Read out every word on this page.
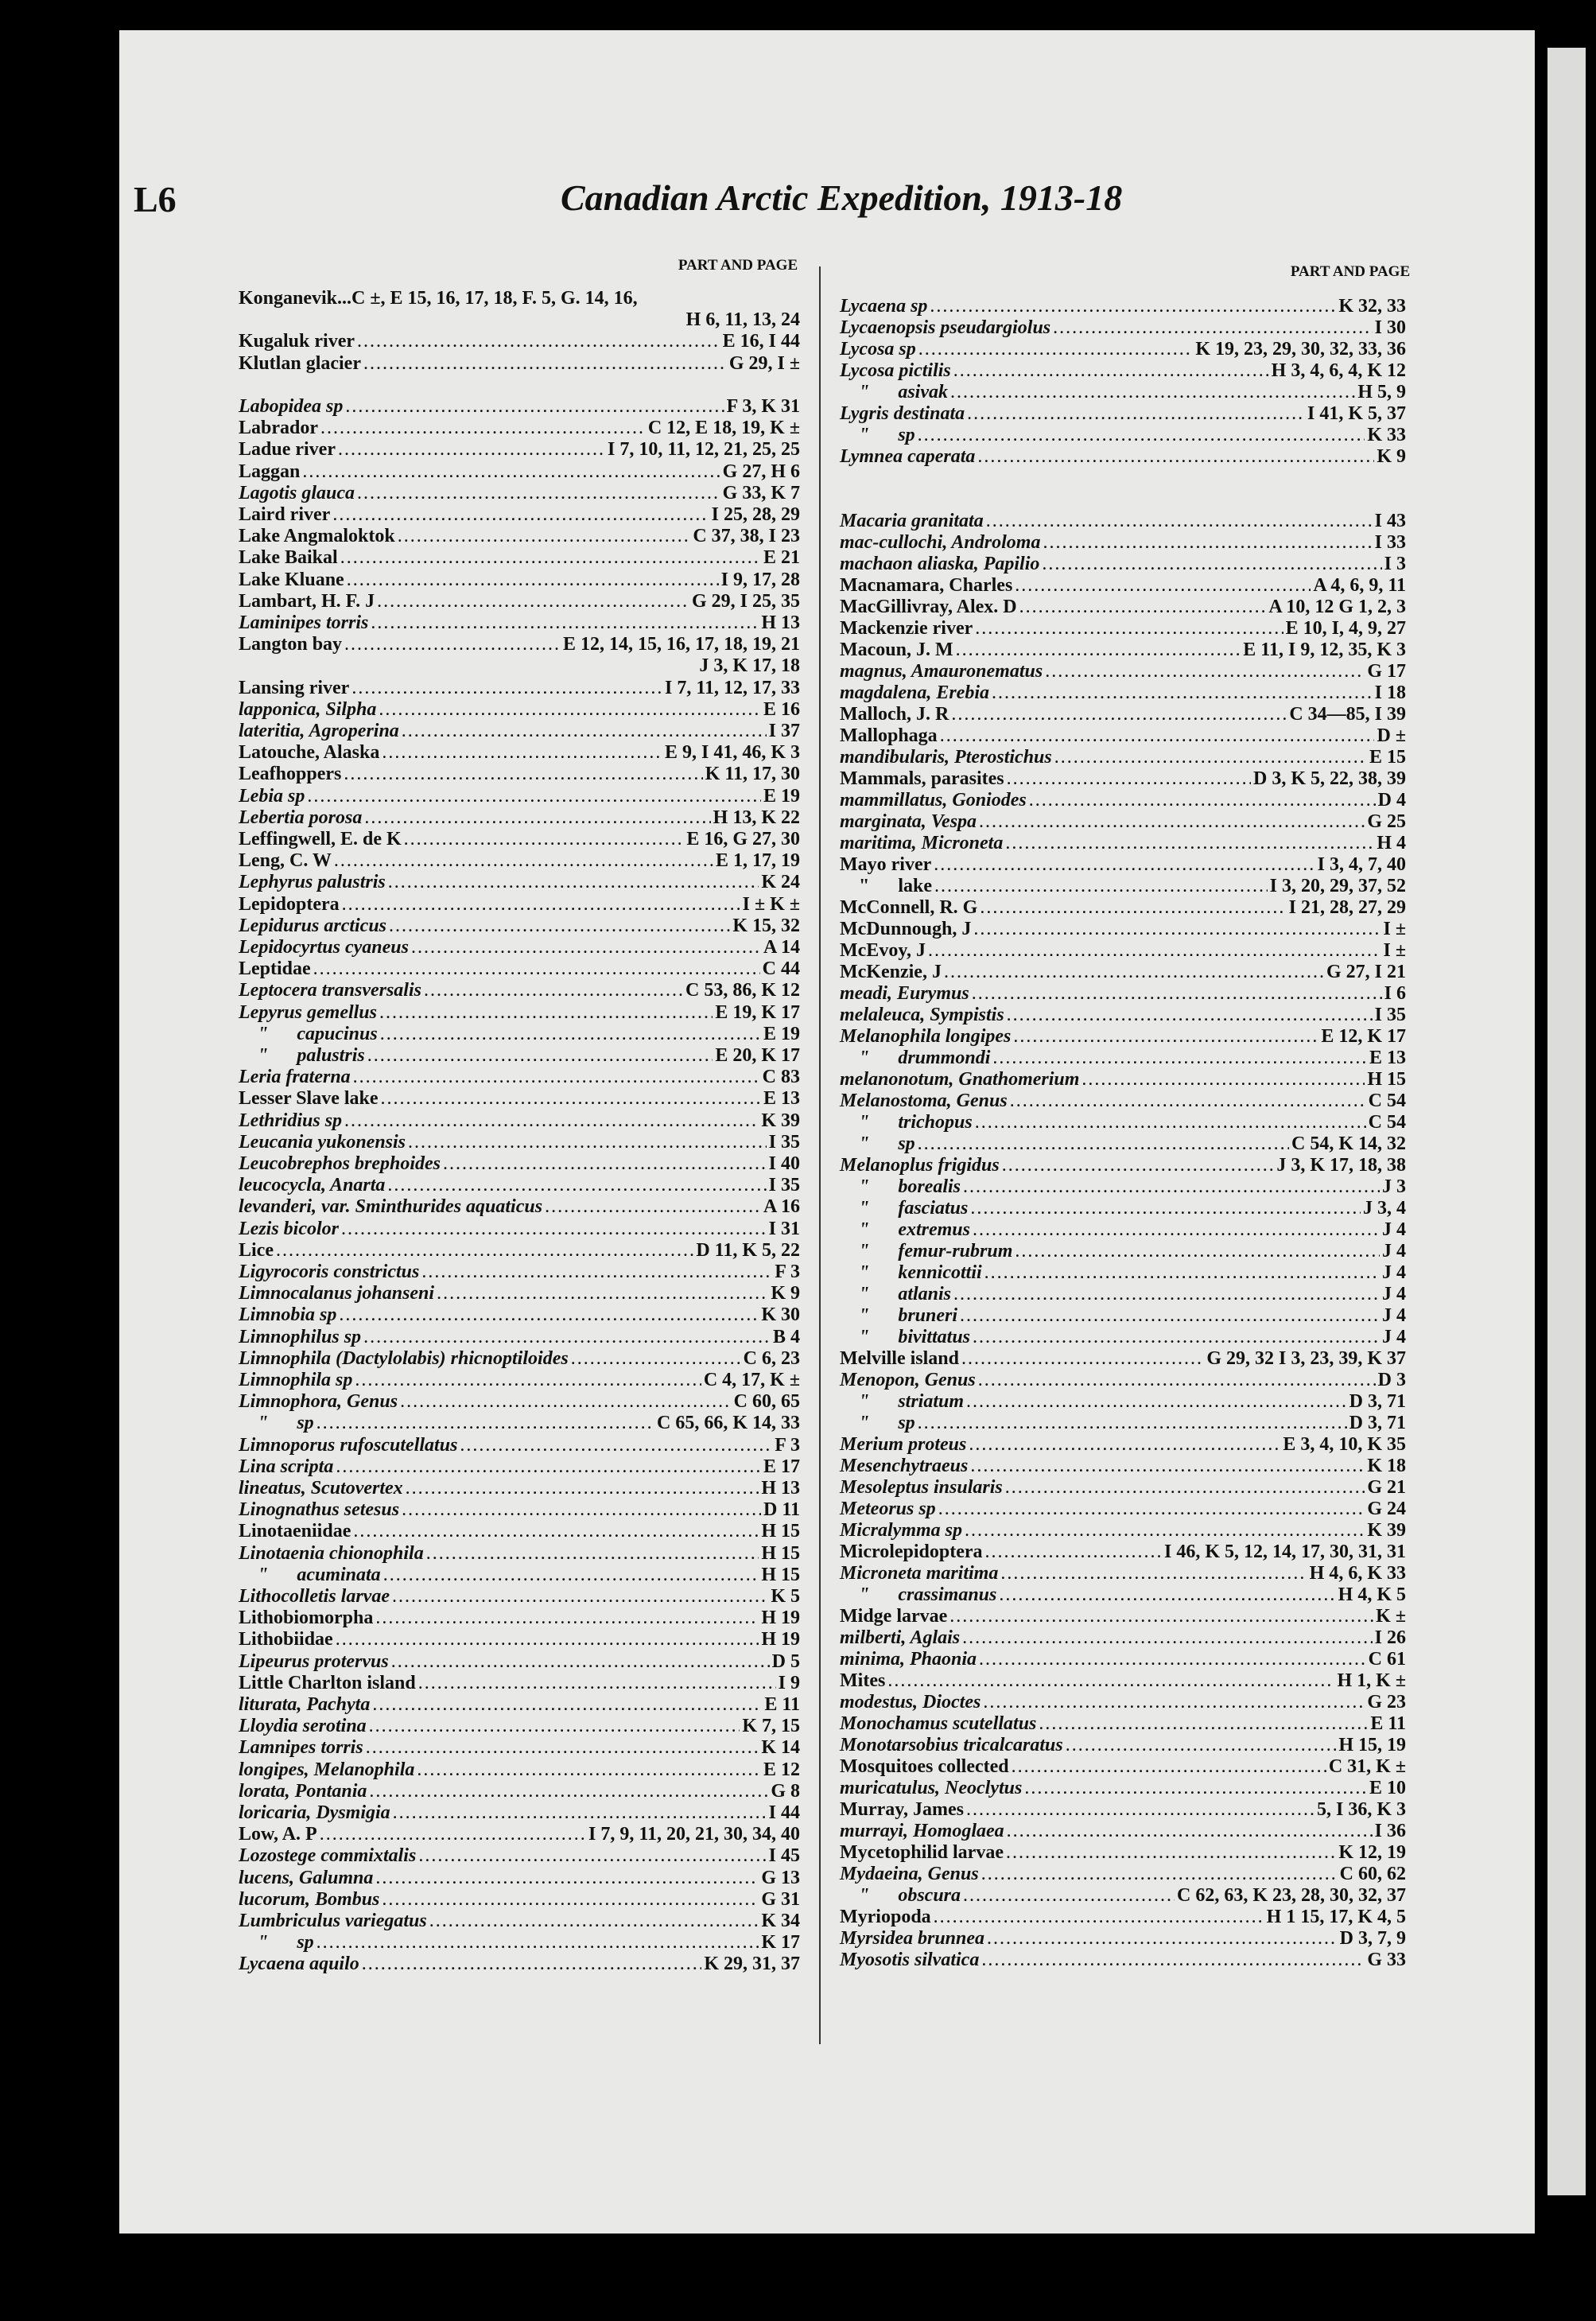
L6	Canadian Arctic Expedition, 1913-18
PART AND PAGE	PART AND PAGE
Konganevik...C ±, E 15, 16, 17, 18, F. 5, G. 14, 16,
H 6, 11, 13, 24
Kugaluk river .....	E 16, I 44
Klutlan glacier .....	G 29, I ±
Labopidea sp .....	F 3, K 31
Labrador .....	C 12, E 18, 19, K ±
Ladue river .....	I 7, 10, 11, 12, 21, 25, 25
Laggan .....	G 27, H 6
Lagotis glauca .....	G 33, K 7
Laird river .....	I 25, 28, 29
Lake Angmaloktok .....	C 37, 38, I 23
Lake Baikal .....	E 21
Lake Kluane .....	I 9, 17, 28
Lambart, H. F. J .....	G 29, I 25, 35
Laminipes torris .....	H 13
Langton bay .....	E 12, 14, 15, 16, 17, 18, 19, 21
J 3, K 17, 18
Lansing river .....	I 7, 11, 12, 17, 33
lapponica, Silpha .....	E 16
lateritia, Agroperina .....	I 37
Latouche, Alaska .....	E 9, I 41, 46, K 3
Leafhoppers .....	K 11, 17, 30
Lebia sp .....	E 19
Lebertia porosa .....	H 13, K 22
Leffingwell, E. de K .....	E 16, G 27, 30
Leng, C. W .....	E 1, 17, 19
Lephyrus palustris .....	K 24
Lepidoptera .....	I ± K ±
Lepidurus arcticus .....	K 15, 32
Lepidocyrtus cyaneus .....	A 14
Leptidae .....	C 44
Leptocera transversalis .....	C 53, 86, K 12
Lepyrus gemellus .....	E 19, K 17
"      capucinus .....	E 19
"      palustris .....	E 20, K 17
Leria fraterna .....	C 83
Lesser Slave lake .....	E 13
Lethridius sp .....	K 39
Leucania yukonensis .....	I 35
Leucobrephos brephoides .....	I 40
leucocycla, Anarta .....	I 35
levanderi, var. Sminthurides aquaticus .....	A 16
Lezis bicolor .....	I 31
Lice .....	D 11, K 5, 22
Ligyrocoris constrictus .....	F 3
Limnocalanus johanseni .....	K 9
Limnobia sp .....	K 30
Limnophilus sp .....	B 4
Limnophila (Dactylolabis) rhicnoptiloides .....	C 6, 23
Limnophila sp .....	C 4, 17, K ±
Limnophora, Genus .....	C 60, 65
"      sp .....	C 65, 66, K 14, 33
Limnoporus rufoscutellatus .....	F 3
Lina scripta .....	E 17
lineatus, Scutovertex .....	H 13
Linognathus setesus .....	D 11
Linotaeniidae .....	H 15
Linotaenia chionophila .....	H 15
"      acuminata .....	H 15
Lithocolletis larvae .....	K 5
Lithobiomorpha .....	H 19
Lithobiidae .....	H 19
Lipeurus protervus .....	D 5
Little Charlton island .....	I 9
liturata, Pachyta .....	E 11
Lloydia serotina .....	K 7, 15
Lamnipes torris .....	K 14
longipes, Melanophila .....	E 12
lorata, Pontania .....	G 8
loricaria, Dysmigia .....	I 44
Low, A. P .....	I 7, 9, 11, 20, 21, 30, 34, 40
Lozostege commixtalis .....	I 45
lucens, Galumna .....	G 13
lucorum, Bombus .....	G 31
Lumbriculus variegatus .....	K 34
"      sp .....	K 17
Lycaena aquilo .....	K 29, 31, 37
Lycaena sp .....	K 32, 33
Lycaenopsis pseudargiolus .....	I 30
Lycosa sp .....	K 19, 23, 29, 30, 32, 33, 36
Lycosa pictilis .....	H 3, 4, 6, 4, K 12
"      asivak .....	H 5, 9
Lygris destinata .....	I 41, K 5, 37
"      sp .....	K 33
Lymnea caperata .....	K 9
Macaria granitata .....	I 43
mac-cullochi, Androloma .....	I 33
machaon aliaska, Papilio .....	I 3
Macnamara, Charles .....	A 4, 6, 9, 11
MacGillivray, Alex. D .....	A 10, 12 G 1, 2, 3
Mackenzie river .....	E 10, I, 4, 9, 27
Macoun, J. M .....	E 11, I 9, 12, 35, K 3
magnus, Amauronematus .....	G 17
magdalena, Erebia .....	I 18
Malloch, J. R .....	C 34—85, I 39
Mallophaga .....	D ±
mandibularis, Pterostichus .....	E 15
Mammals, parasites .....	D 3, K 5, 22, 38, 39
mammillatus, Goniodes .....	D 4
marginata, Vespa .....	G 25
maritima, Microneta .....	H 4
Mayo river .....	I 3, 4, 7, 40
"      lake .....	I 3, 20, 29, 37, 52
McConnell, R. G .....	I 21, 28, 27, 29
McDunnough, J .....	I ±
McEvoy, J .....	I ±
McKenzie, J .....	G 27, I 21
meadi, Eurymus .....	I 6
melaleuca, Sympistis .....	I 35
Melanophila longipes .....	E 12, K 17
"      drummondi .....	E 13
melanonotum, Gnathomerium .....	H 15
Melanostoma, Genus .....	C 54
"      trichopus .....	C 54
"      sp .....	C 54, K 14, 32
Melanoplus frigidus .....	J 3, K 17, 18, 38
"      borealis .....	J 3
"      fasciatus .....	J 3, 4
"      extremus .....	J 4
"      femur-rubrum .....	J 4
"      kennicottii .....	J 4
"      atlanis .....	J 4
"      bruneri .....	J 4
"      bivittatus .....	J 4
Melville island .....	G 29, 32 I 3, 23, 39, K 37
Menopon, Genus .....	D 3
"      striatum .....	D 3, 71
"      sp .....	D 3, 71
Merium proteus .....	E 3, 4, 10, K 35
Mesenchytraeus .....	K 18
Mesoleptus insularis .....	G 21
Meteorus sp .....	G 24
Micralymma sp .....	K 39
Microlepidoptera .....	I 46, K 5, 12, 14, 17, 30, 31, 31
Microneta maritima .....	H 4, 6, K 33
"      crassimanus .....	H 4, K 5
Midge larvae .....	K ±
milberti, Aglais .....	I 26
minima, Phaonia .....	C 61
Mites .....	H 1, K ±
modestus, Dioctes .....	G 23
Monochamus scutellatus .....	E 11
Monotarsobius tricalcaratus .....	H 15, 19
Mosquitoes collected .....	C 31, K ±
muricatulus, Neoclytus .....	E 10
Murray, James .....	5, I 36, K 3
murrayi, Homoglaea .....	I 36
Mycetophilid larvae .....	K 12, 19
Mydaeina, Genus .....	C 60, 62
"      obscura .....	C 62, 63, K 23, 28, 30, 32, 37
Myriopoda .....	H 1 15, 17, K 4, 5
Myrsidea brunnea .....	D 3, 7, 9
Myosotis silvatica .....	G 33
